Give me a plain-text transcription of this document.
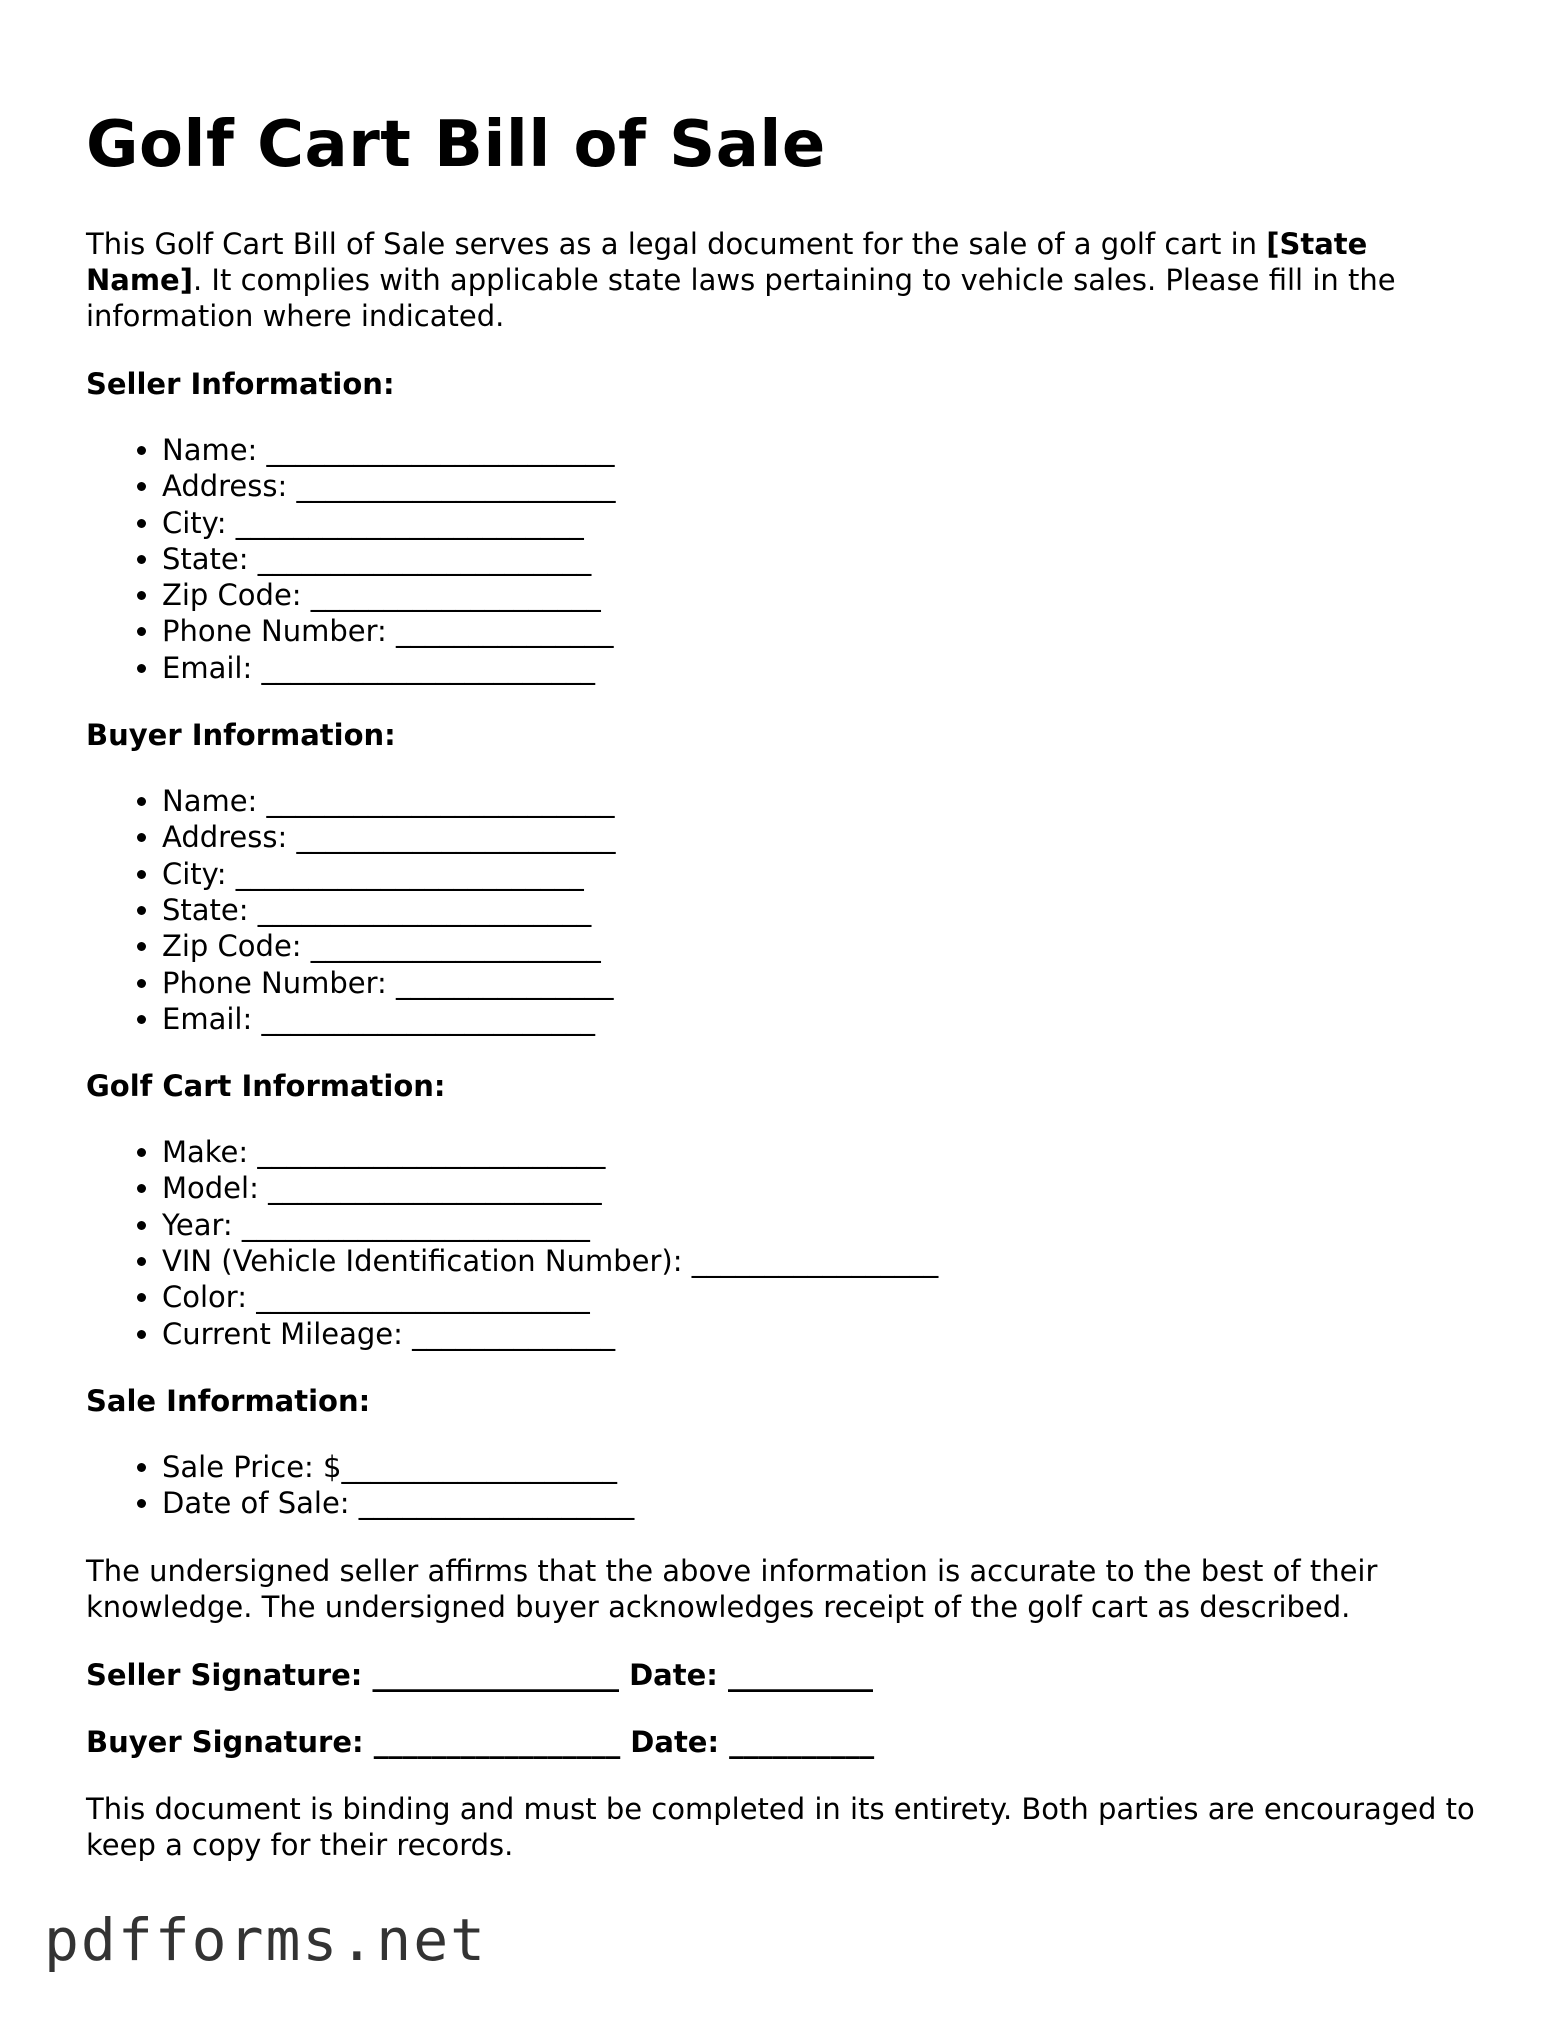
Golf Cart Bill of Sale

This Golf Cart Bill of Sale serves as a legal document for the sale of a golf cart in [State Name]. It complies with applicable state laws pertaining to vehicle sales. Please fill in the information where indicated.

Seller Information:
• Name: ________________________
• Address: ______________________
• City: ________________________
• State: _______________________
• Zip Code: ____________________
• Phone Number: _______________
• Email: _______________________
Buyer Information:
• Name: ________________________
• Address: ______________________
• City: ________________________
• State: _______________________
• Zip Code: ____________________
• Phone Number: _______________
• Email: _______________________
Golf Cart Information:
• Make: ________________________
• Model: _______________________
• Year: ________________________
• VIN (Vehicle Identification Number): _________________
• Color: _______________________
• Current Mileage: ______________
Sale Information:
• Sale Price: $___________________
• Date of Sale: ___________________

The undersigned seller affirms that the above information is accurate to the best of their knowledge. The undersigned buyer acknowledges receipt of the golf cart as described.

Seller Signature: _________________ Date: __________
Buyer Signature: _________________ Date: __________

This document is binding and must be completed in its entirety. Both parties are encouraged to keep a copy for their records.

pdfforms.net
